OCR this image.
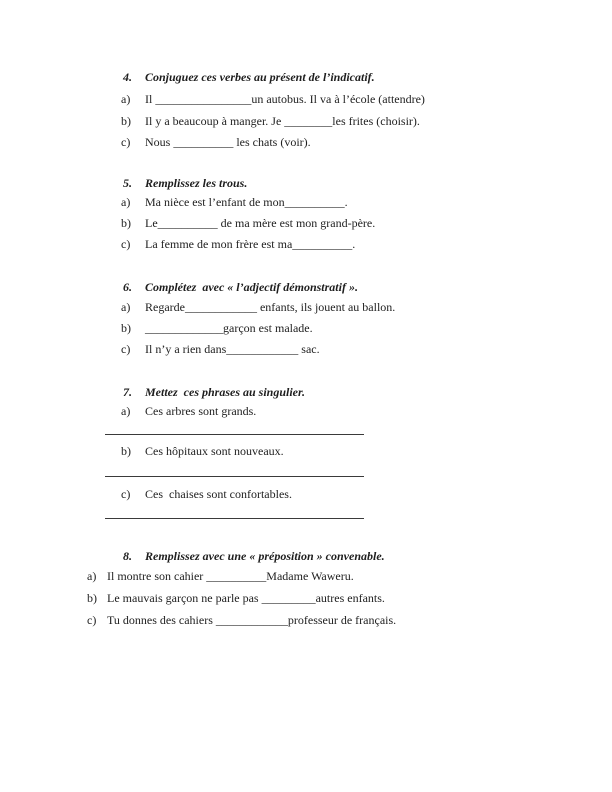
4.	Conjuguez ces verbes au présent de l’indicatif.
a)	Il ________________un autobus. Il va à l’école (attendre)
b)	Il y a beaucoup à manger. Je ________les frites (choisir).
c)	Nous __________ les chats (voir).
5.	Remplissez les trous.
a)	Ma nièce est l’enfant de mon__________.
b)	Le__________ de ma mère est mon grand-père.
c)	La femme de mon frère est ma__________.
6.	Complétez  avec « l’adjectif démonstratif ».
a)	Regarde____________ enfants, ils jouent au ballon.
b)	_____________garçon est malade.
c)	Il n’y a rien dans____________ sac.
7.	Mettez  ces phrases au singulier.
a)	Ces arbres sont grands.
b)	Ces hôpitaux sont nouveaux.
c)	Ces  chaises sont confortables.
8.	Remplissez avec une « préposition » convenable.
a) Il montre son cahier __________Madame Waweru.
b) Le mauvais garçon ne parle pas _________autres enfants.
c) Tu donnes des cahiers ____________professeur de français.
